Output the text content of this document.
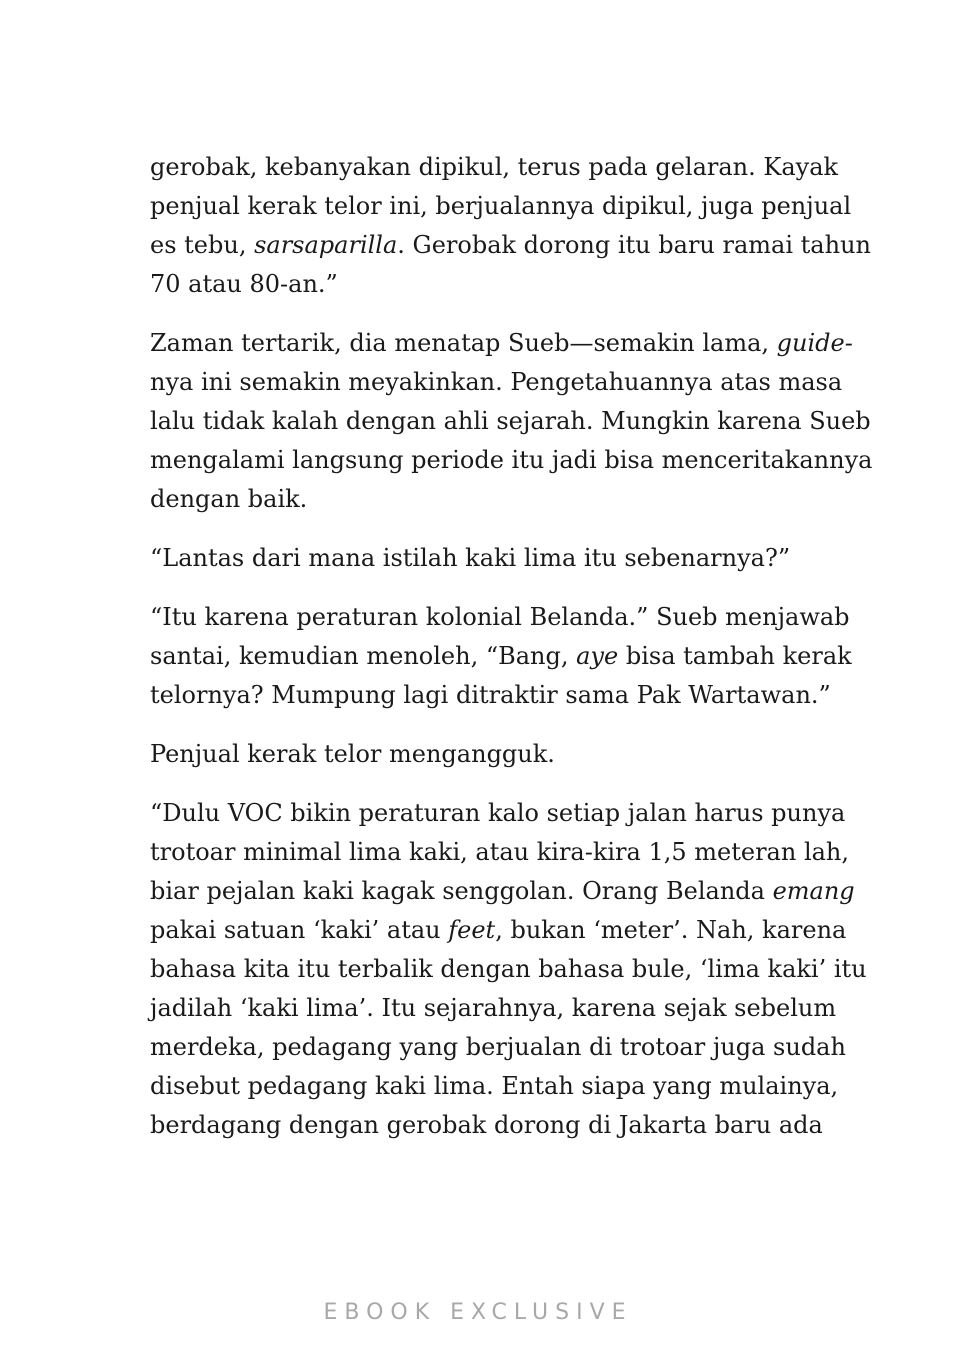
gerobak, kebanyakan dipikul, terus pada gelaran. Kayak
penjual kerak telor ini, berjualannya dipikul, juga penjual
es tebu, sarsaparilla. Gerobak dorong itu baru ramai tahun
70 atau 80-an.”

Zaman tertarik, dia menatap Sueb—semakin lama, guide-
nya ini semakin meyakinkan. Pengetahuannya atas masa
lalu tidak kalah dengan ahli sejarah. Mungkin karena Sueb
mengalami langsung periode itu jadi bisa menceritakannya
dengan baik.

“Lantas dari mana istilah kaki lima itu sebenarnya?”

“Itu karena peraturan kolonial Belanda.” Sueb menjawab
santai, kemudian menoleh, “Bang, aye bisa tambah kerak
telornya? Mumpung lagi ditraktir sama Pak Wartawan.”

Penjual kerak telor mengangguk.

“Dulu VOC bikin peraturan kalo setiap jalan harus punya
trotoar minimal lima kaki, atau kira-kira 1,5 meteran lah,
biar pejalan kaki kagak senggolan. Orang Belanda emang
pakai satuan ‘kaki’ atau feet, bukan ‘meter’. Nah, karena
bahasa kita itu terbalik dengan bahasa bule, ‘lima kaki’ itu
jadilah ‘kaki lima’. Itu sejarahnya, karena sejak sebelum
merdeka, pedagang yang berjualan di trotoar juga sudah
disebut pedagang kaki lima. Entah siapa yang mulainya,
berdagang dengan gerobak dorong di Jakarta baru ada

EBOOK EXCLUSIVE
